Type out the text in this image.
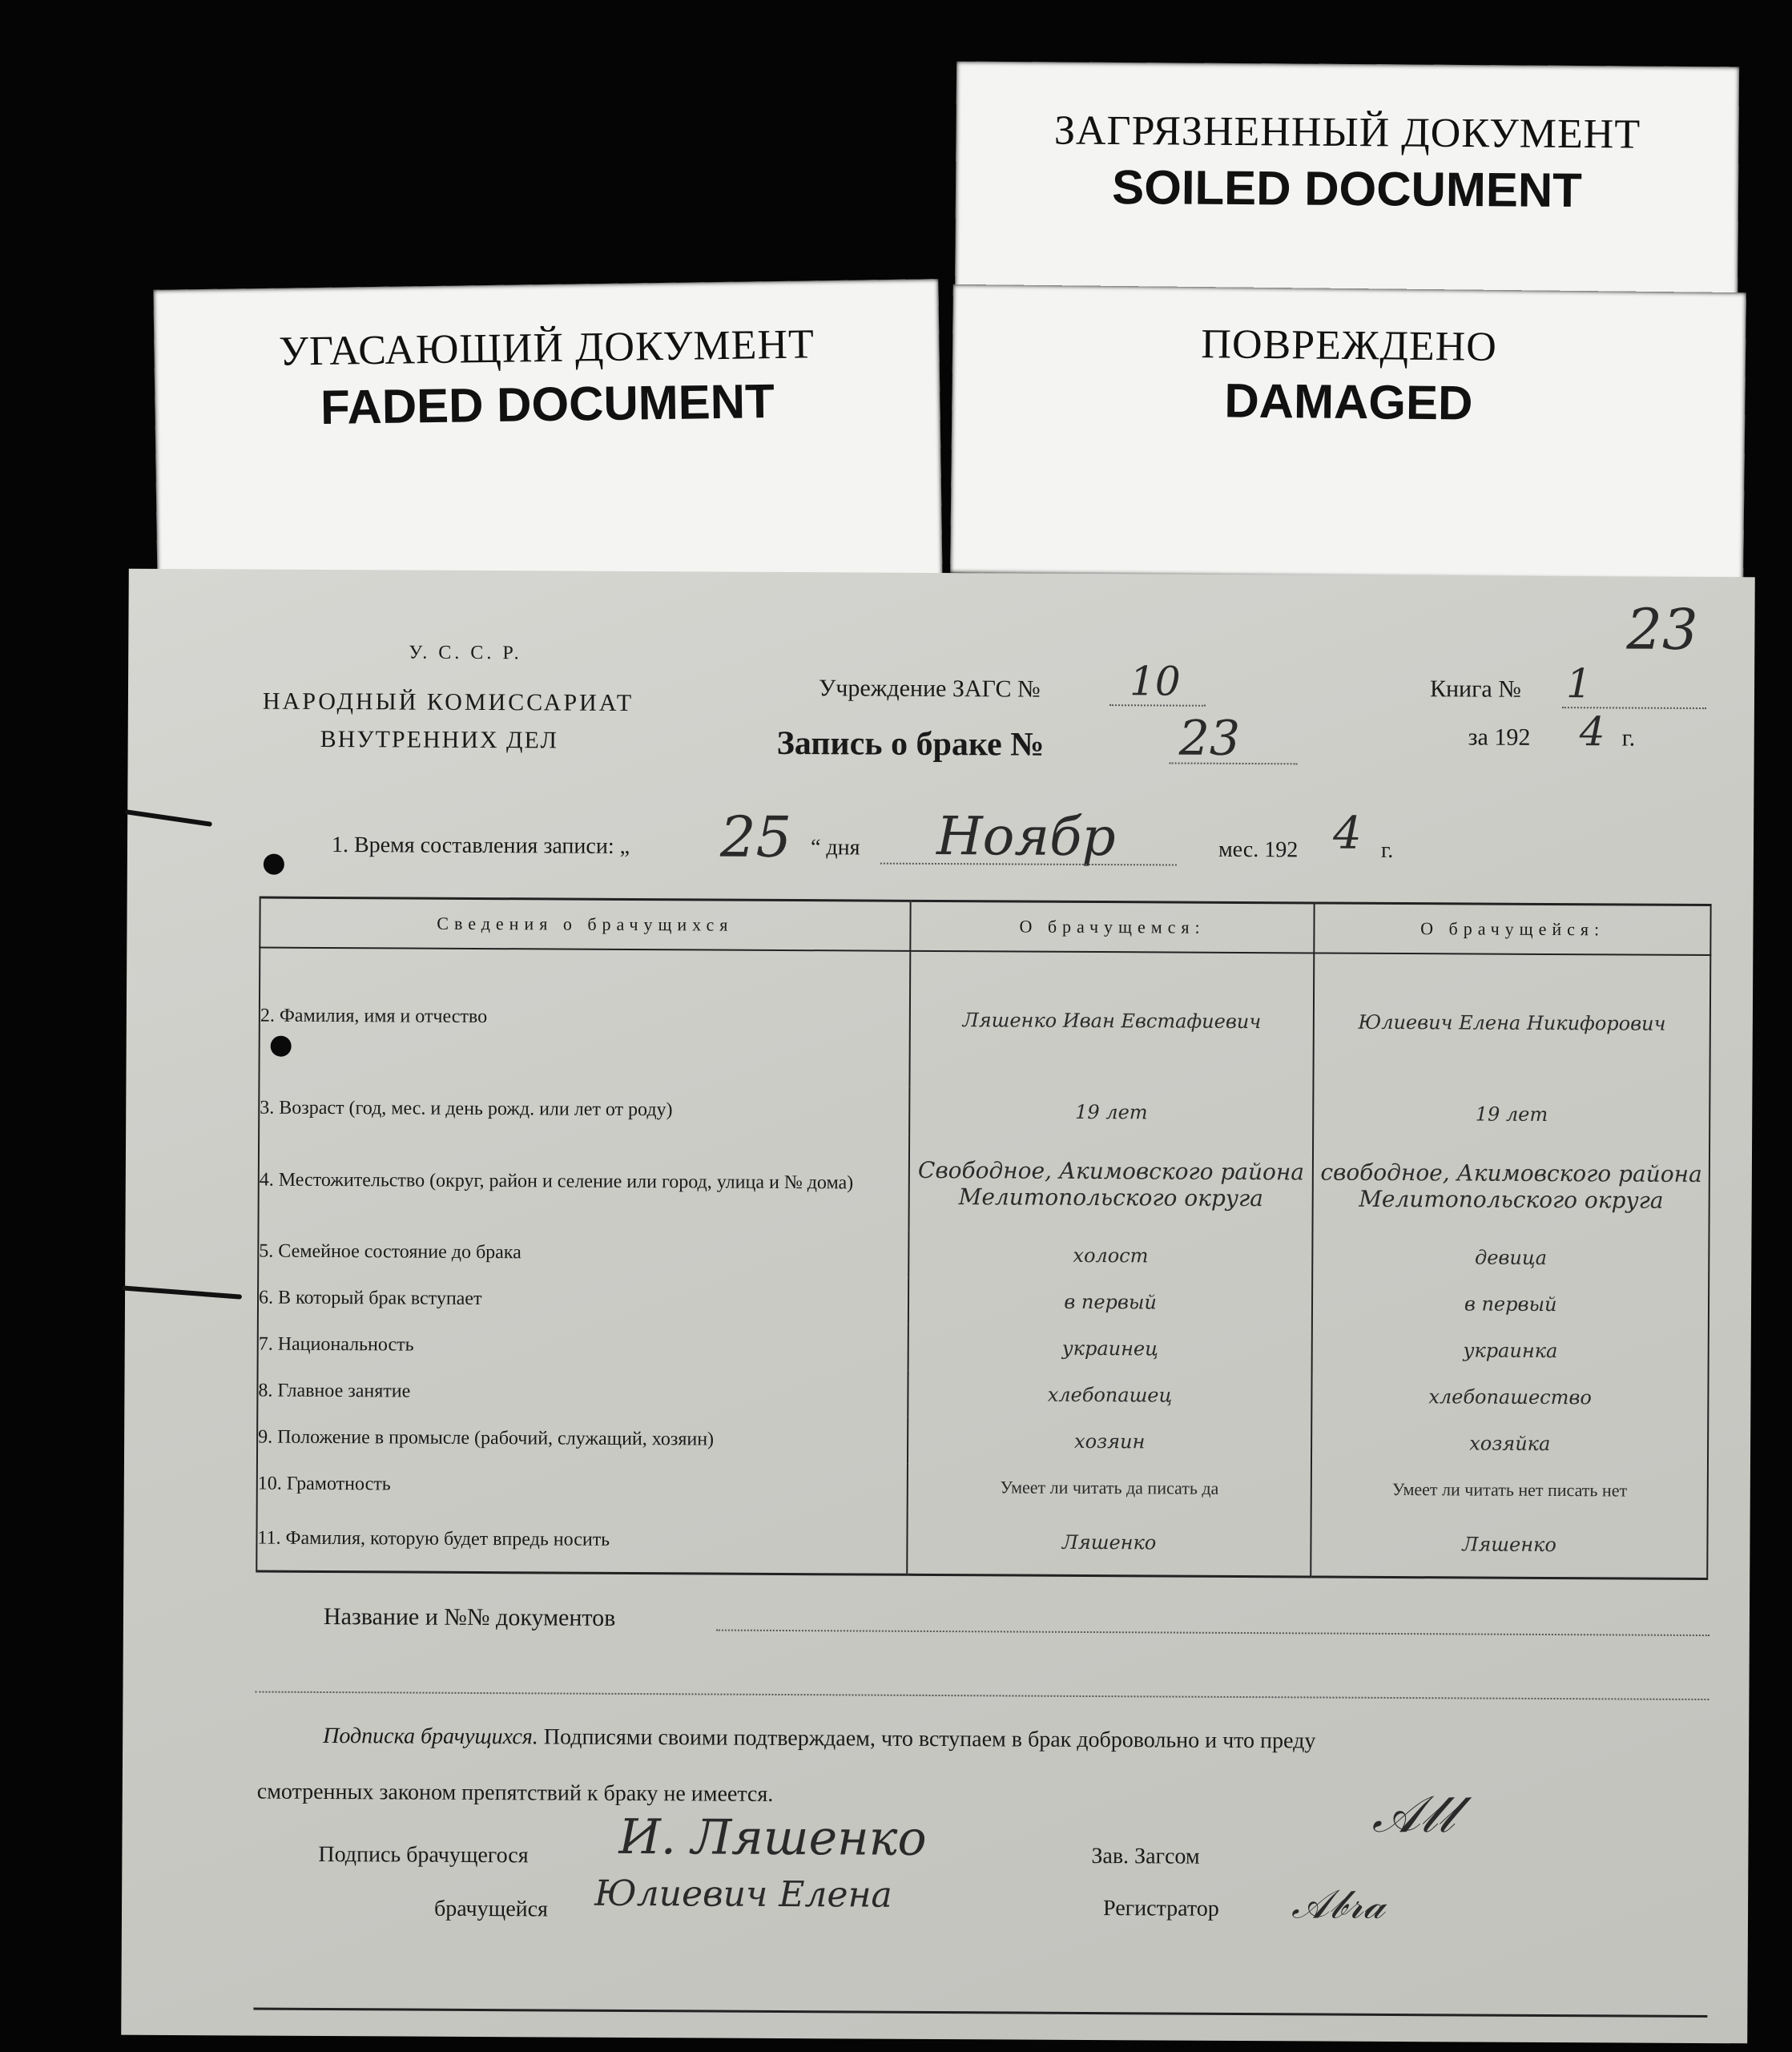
ЗАГРЯЗНЕННЫЙ ДОКУМЕНТ
SOILED DOCUMENT
УГАСАЮЩИЙ ДОКУМЕНТ
FADED DOCUMENT
ПОВРЕЖДЕНО
DAMAGED
У. С. С. Р.
НАРОДНЫЙ КОМИССАРИАТ
ВНУТРЕННИХ ДЕЛ
Учреждение ЗАГС № 10
Запись о браке №	23
Книга № 1
за 192 4 г.
23
1. Время составления записи: „ 25 “ дня Ноябр	мес. 192 4 г.
Сведения о брачущихся	О брачущемся:	О брачущейся:
2. Фамилия, имя и отчество	Ляшенко Иван Евстафиевич	Юлиевич Елена Никифорович
3. Возраст (год, мес. и день рожд. или лет от роду)	19 лет	19 лет
4. Местожительство (округ, район и селение или город, улица и № дома)	Свободное, Акимовского района Мелитопольского округа	свободное, Акимовского района Мелитопольского округа
5. Семейное состояние до брака	холост	девица
6. В который брак вступает	в первый	в первый
7. Национальность	украинец	украинка
8. Главное занятие	хлебопашец	хлебопашество
9. Положение в промысле (рабочий, служащий, хозяин)	хозяин	хозяйка
10. Грамотность	Умеет ли читать да писать да	Умеет ли читать нет писать нет
11. Фамилия, которую будет впредь носить	Ляшенко	Ляшенко
Название и №№ документов
Подписка брачущихся. Подписями своими подтверждаем, что вступаем в брак добровольно и что преду
смотренных законом препятствий к браку не имеется.
Подпись брачущегося И. Ляшенко	Зав. Загсом
𝒜𝓁𝓁
брачущейся Юлиевич Елена	Регистратор 𝒜𝒷𝓇𝒶
